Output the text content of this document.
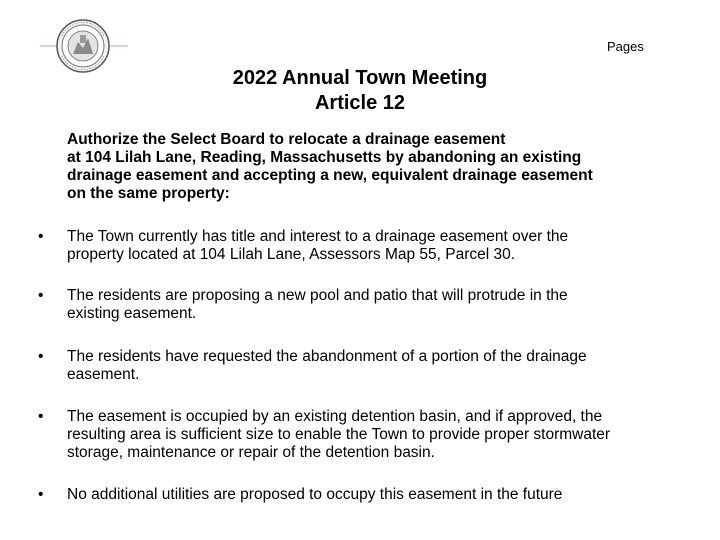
Pages
2022 Annual Town Meeting
Article 12
Authorize the Select Board to relocate a drainage easement
at 104 Lilah Lane, Reading, Massachusetts by abandoning an existing
drainage easement and accepting a new, equivalent drainage easement
on the same property:
•	The Town currently has title and interest to a drainage easement over the
property located at 104 Lilah Lane, Assessors Map 55, Parcel 30.
•	The residents are proposing a new pool and patio that will protrude in the
existing easement.
•	The residents have requested the abandonment of a portion of the drainage
easement.
•	The easement is occupied by an existing detention basin, and if approved, the
resulting area is sufficient size to enable the Town to provide proper stormwater
storage, maintenance or repair of the detention basin.
•	No additional utilities are proposed to occupy this easement in the future
